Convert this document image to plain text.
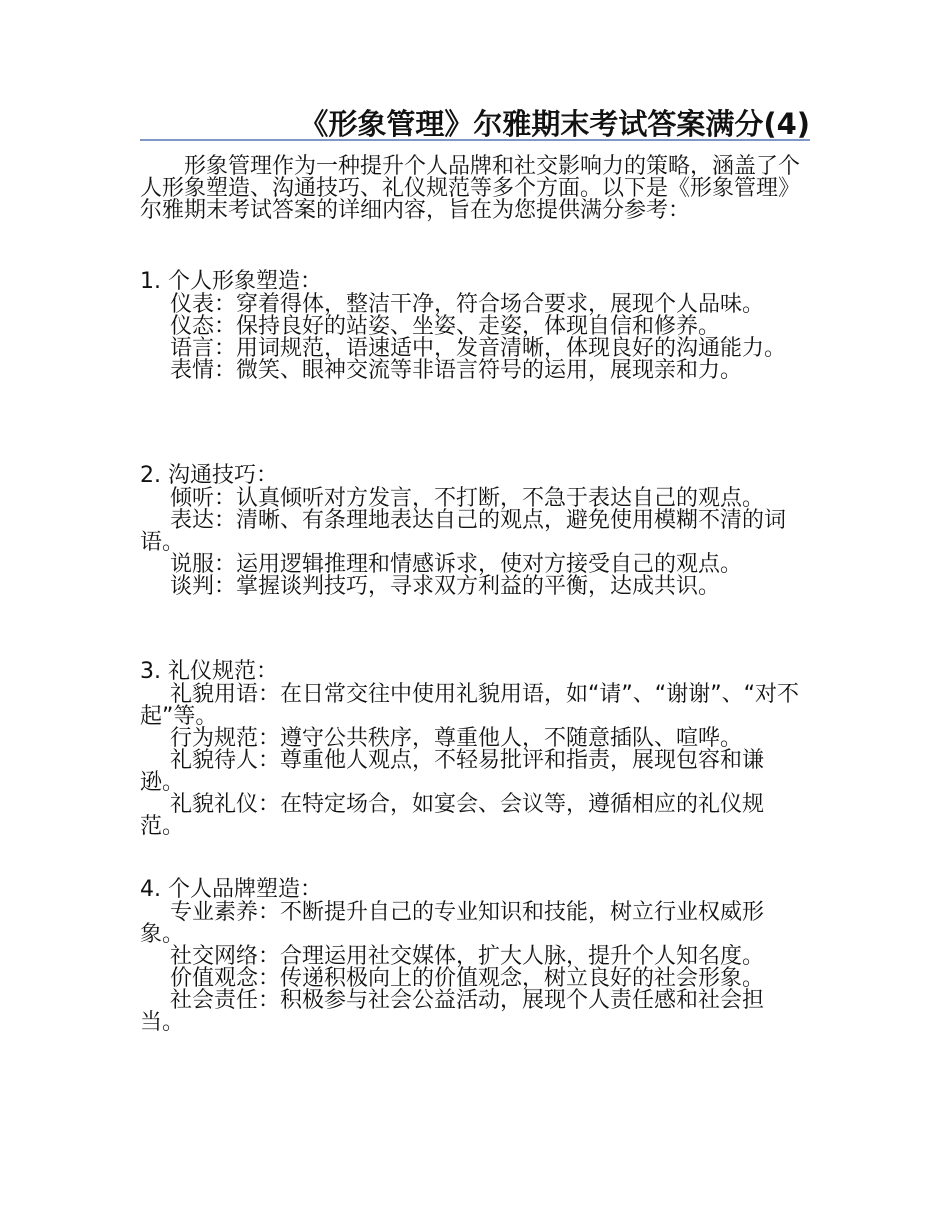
《形象管理》尔雅期末考试答案满分(4)
形象管理作为一种提升个人品牌和社交影响力的策略，涵盖了个人形象塑造、沟通技巧、礼仪规范等多个方面。以下是《形象管理》尔雅期末考试答案的详细内容，旨在为您提供满分参考：

1. 个人形象塑造：

仪表：穿着得体，整洁干净，符合场合要求，展现个人品味。

仪态：保持良好的站姿、坐姿、走姿，体现自信和修养。

语言：用词规范，语速适中，发音清晰，体现良好的沟通能力。

表情：微笑、眼神交流等非语言符号的运用，展现亲和力。

2. 沟通技巧：

倾听：认真倾听对方发言，不打断，不急于表达自己的观点。

表达：清晰、有条理地表达自己的观点，避免使用模糊不清的词语。

说服：运用逻辑推理和情感诉求，使对方接受自己的观点。

谈判：掌握谈判技巧，寻求双方利益的平衡，达成共识。

3. 礼仪规范：

礼貌用语：在日常交往中使用礼貌用语，如“请”、“谢谢”、“对不起”等。

行为规范：遵守公共秩序，尊重他人，不随意插队、喧哗。

礼貌待人：尊重他人观点，不轻易批评和指责，展现包容和谦逊。

礼貌礼仪：在特定场合，如宴会、会议等，遵循相应的礼仪规范。

4. 个人品牌塑造：

专业素养：不断提升自己的专业知识和技能，树立行业权威形象。

社交网络：合理运用社交媒体，扩大人脉，提升个人知名度。

价值观念：传递积极向上的价值观念，树立良好的社会形象。

社会责任：积极参与社会公益活动，展现个人责任感和社会担当。
